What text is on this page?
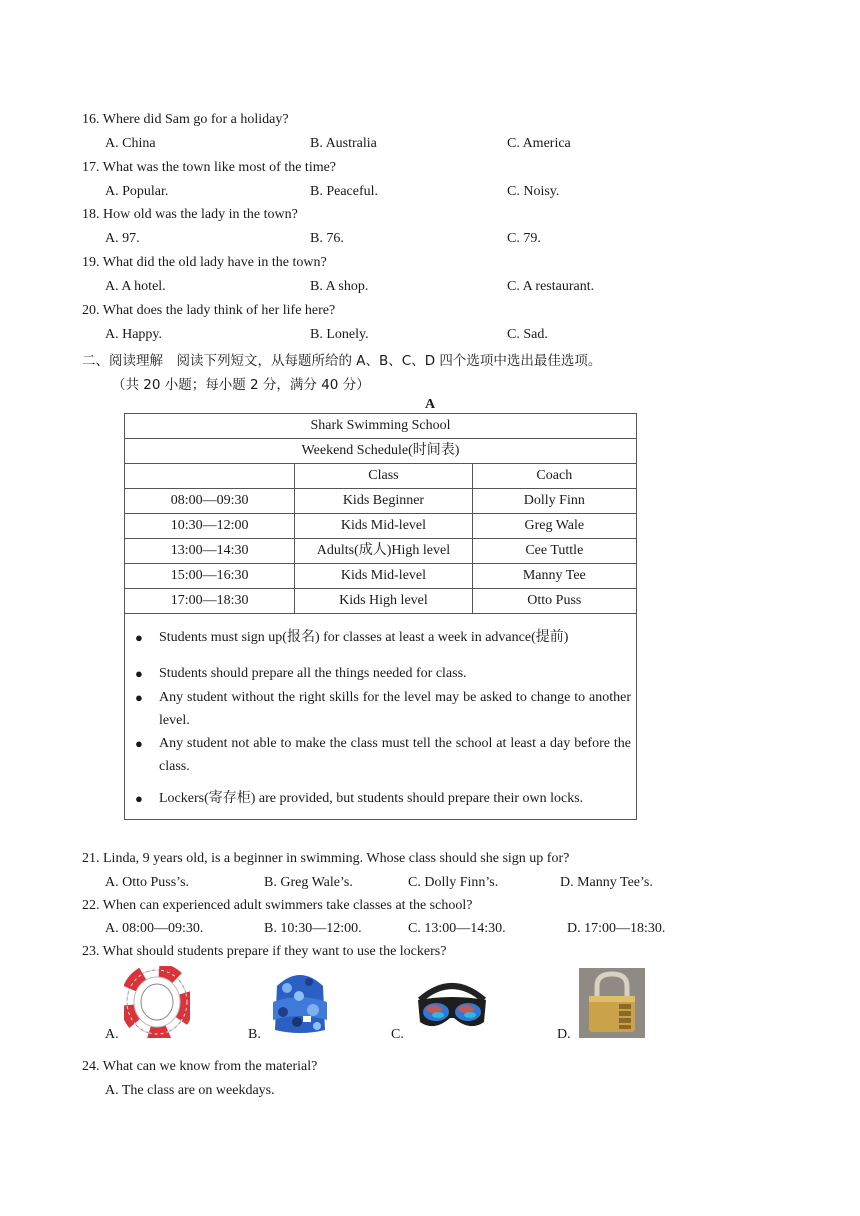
16. Where did Sam go for a holiday?
A. China	B. Australia	C. America
17. What was the town like most of the time?
A. Popular.	B. Peaceful.	C. Noisy.
18. How old was the lady in the town?
A. 97.	B. 76.	C. 79.
19. What did the old lady have in the town?
A. A hotel.	B. A shop.	C. A restaurant.
20. What does the lady think of her life here?
A. Happy.	B. Lonely.	C. Sad.
二、阅读理解　阅读下列短文，从每题所给的 A、B、C、D 四个选项中选出最佳选项。
（共 20 小题；每小题 2 分，满分 40 分）
A
Shark Swimming School		
Weekend Schedule(时间表)		
	Class	Coach
08:00—09:30	Kids Beginner	Dolly Finn
10:30—12:00	Kids Mid-level	Greg Wale
13:00—14:30	Adults(成人)High level	Cee Tuttle
15:00—16:30	Kids Mid-level	Manny Tee
17:00—18:30	Kids High level	Otto Puss
● Students must sign up(报名) for classes at least a week in advance(提前)
● Students should prepare all the things needed for class.
● Any student without the right skills for the level may be asked to change to another level.
● Any student not able to make the class must tell the school at least a day before the class.
● Lockers(寄存柜) are provided, but students should prepare their own locks.
21. Linda, 9 years old, is a beginner in swimming. Whose class should she sign up for?
A. Otto Puss’s.	B. Greg Wale’s.	C. Dolly Finn’s.	D. Manny Tee’s.
22. When can experienced adult swimmers take classes at the school?
A. 08:00—09:30.	B. 10:30—12:00.	C. 13:00—14:30.	D. 17:00—18:30.
23. What should students prepare if they want to use the lockers?
A.	B.	C.	D.
24. What can we know from the material?
A. The class are on weekdays.
